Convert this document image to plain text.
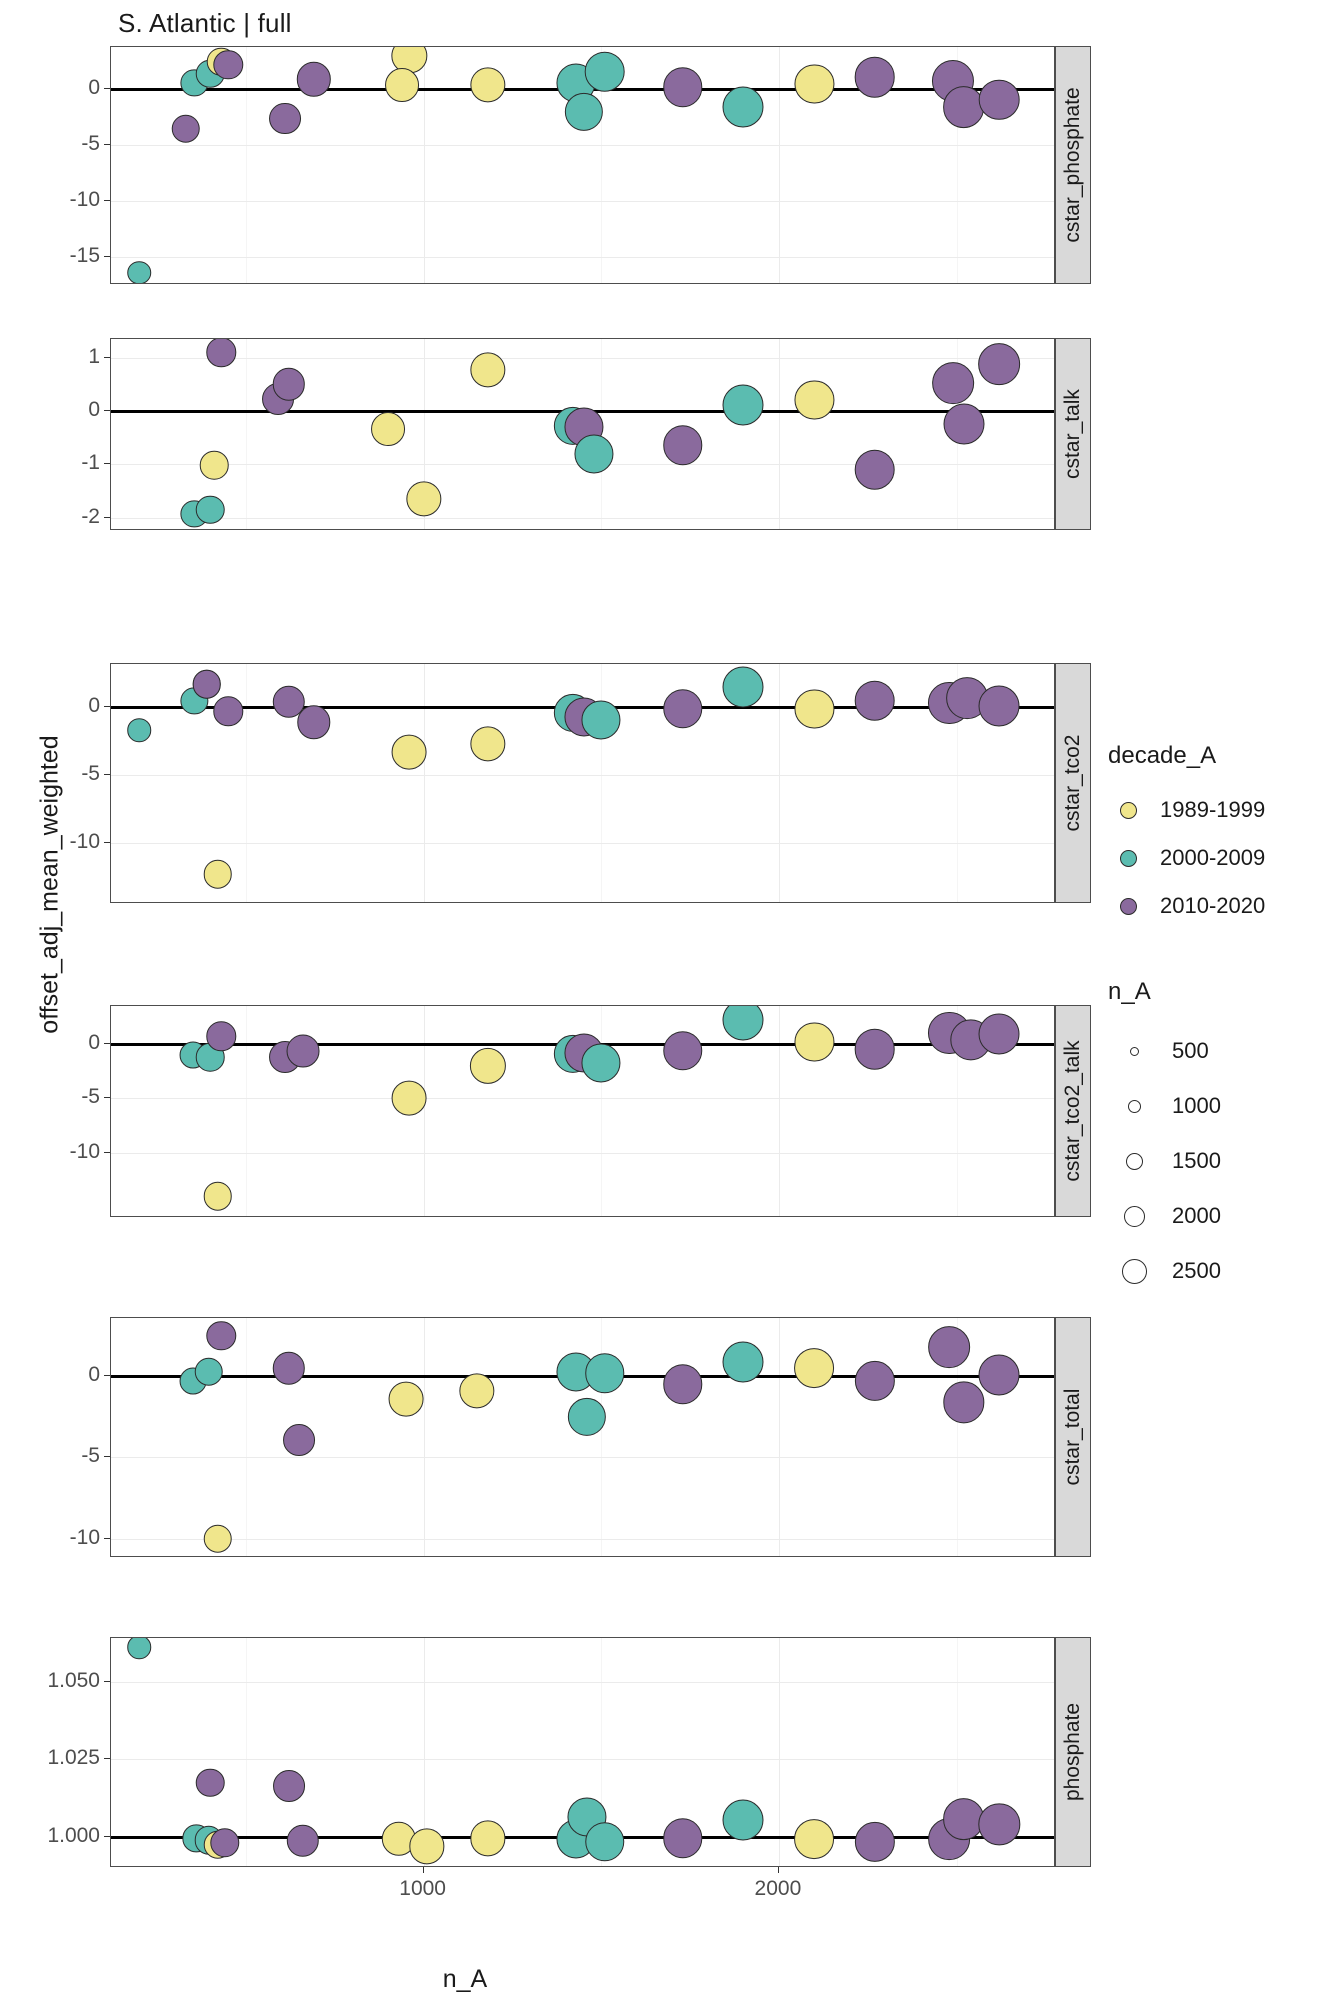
S. Atlantic | full
offset_adj_mean_weighted
n_A
cstar_phosphate
0
-5
-10
-15
cstar_talk
1
0
-1
-2
cstar_tco2
0
-5
-10
cstar_tco2_talk
0
-5
-10
cstar_total
0
-5
-10
phosphate
1.050
1.025
1.000
1000	2000
decade_A
1989-1999
2000-2009
2010-2020
n_A
500
1000
1500
2000
2500
